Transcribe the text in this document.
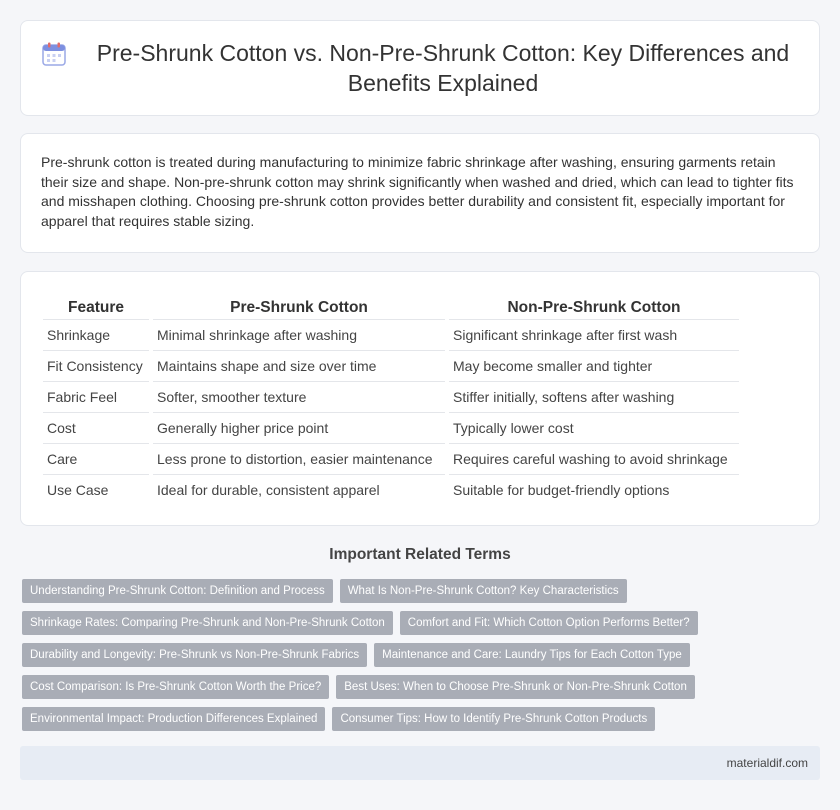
Pre-Shrunk Cotton vs. Non-Pre-Shrunk Cotton: Key Differences and Benefits Explained

Pre-shrunk cotton is treated during manufacturing to minimize fabric shrinkage after washing, ensuring garments retain their size and shape. Non-pre-shrunk cotton may shrink significantly when washed and dried, which can lead to tighter fits and misshapen clothing. Choosing pre-shrunk cotton provides better durability and consistent fit, especially important for apparel that requires stable sizing.

Feature	Pre-Shrunk Cotton	Non-Pre-Shrunk Cotton
Shrinkage	Minimal shrinkage after washing	Significant shrinkage after first wash
Fit Consistency	Maintains shape and size over time	May become smaller and tighter
Fabric Feel	Softer, smoother texture	Stiffer initially, softens after washing
Cost	Generally higher price point	Typically lower cost
Care	Less prone to distortion, easier maintenance	Requires careful washing to avoid shrinkage
Use Case	Ideal for durable, consistent apparel	Suitable for budget-friendly options
Important Related Terms
Understanding Pre-Shrunk Cotton: Definition and Process	What Is Non-Pre-Shrunk Cotton? Key Characteristics
Shrinkage Rates: Comparing Pre-Shrunk and Non-Pre-Shrunk Cotton	Comfort and Fit: Which Cotton Option Performs Better?
Durability and Longevity: Pre-Shrunk vs Non-Pre-Shrunk Fabrics	Maintenance and Care: Laundry Tips for Each Cotton Type
Cost Comparison: Is Pre-Shrunk Cotton Worth the Price?	Best Uses: When to Choose Pre-Shrunk or Non-Pre-Shrunk Cotton
Environmental Impact: Production Differences Explained	Consumer Tips: How to Identify Pre-Shrunk Cotton Products
materialdif.com
